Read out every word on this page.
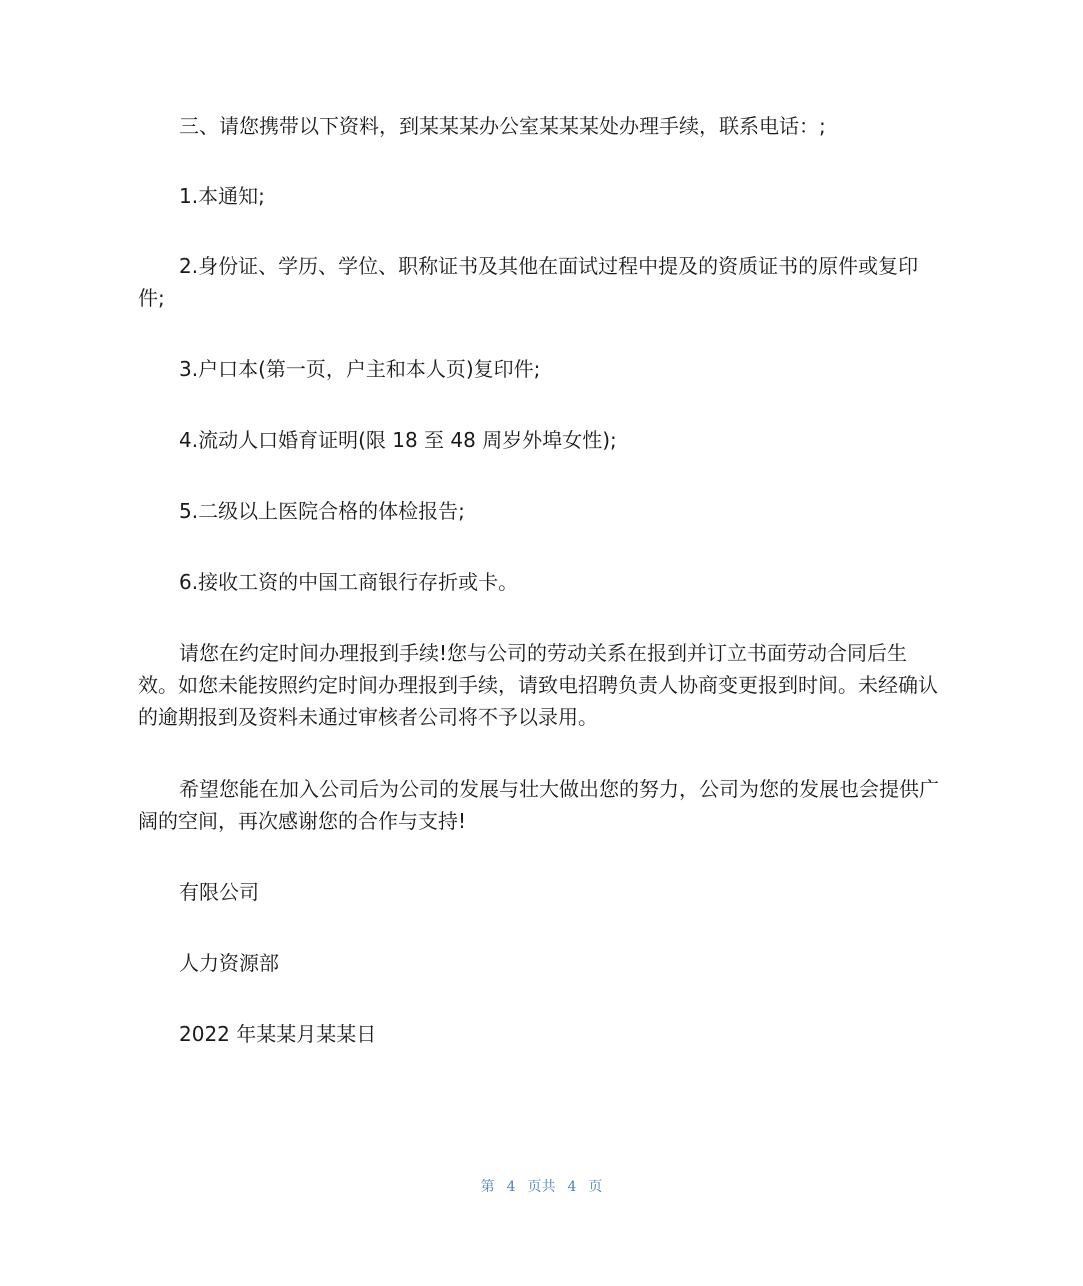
三、请您携带以下资料，到某某某办公室某某某处办理手续，联系电话：;

1.本通知;

2.身份证、学历、学位、职称证书及其他在面试过程中提及的资质证书的原件或复印件;

3.户口本(第一页，户主和本人页)复印件;

4.流动人口婚育证明(限 18 至 48 周岁外埠女性);

5.二级以上医院合格的体检报告;

6.接收工资的中国工商银行存折或卡。

请您在约定时间办理报到手续!您与公司的劳动关系在报到并订立书面劳动合同后生效。如您未能按照约定时间办理报到手续，请致电招聘负责人协商变更报到时间。未经确认的逾期报到及资料未通过审核者公司将不予以录用。

希望您能在加入公司后为公司的发展与壮大做出您的努力，公司为您的发展也会提供广阔的空间，再次感谢您的合作与支持!

有限公司

人力资源部

2022 年某某月某某日

第 4 页共 4 页
